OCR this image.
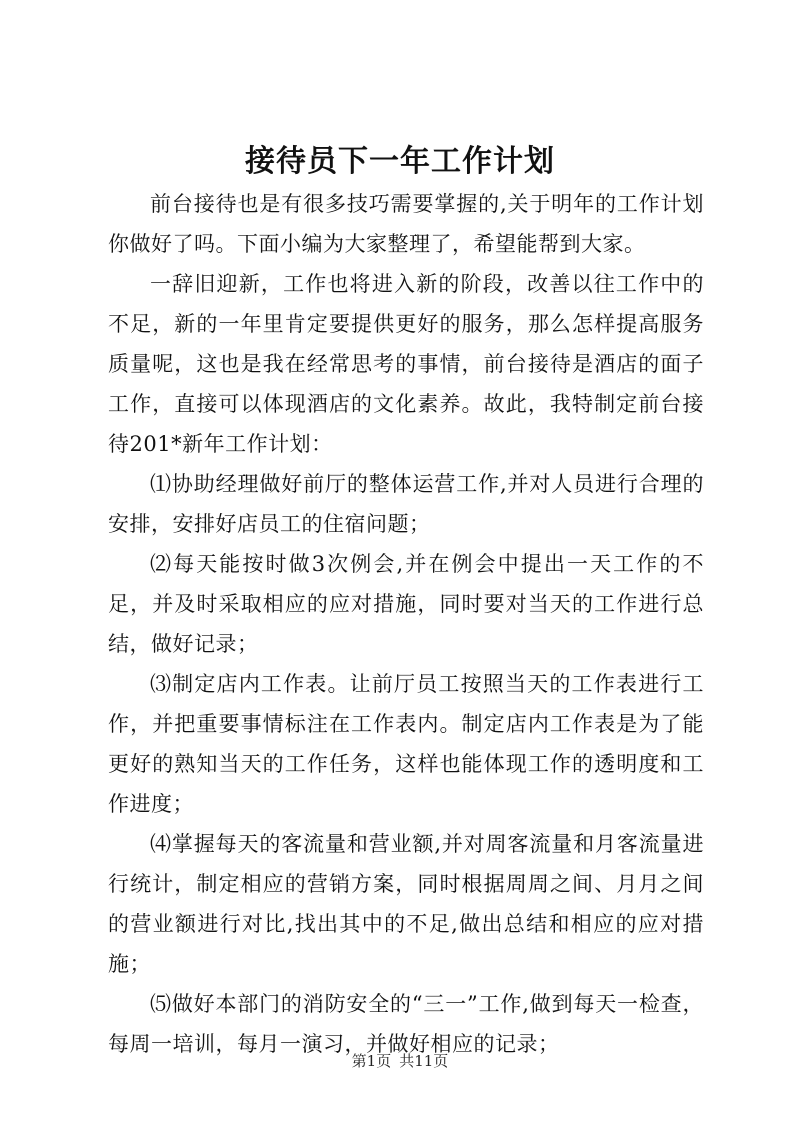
接待员下一年工作计划

前台接待也是有很多技巧需要掌握的,关于明年的工作计划你做好了吗。下面小编为大家整理了，希望能帮到大家。

一辞旧迎新，工作也将进入新的阶段，改善以往工作中的不足，新的一年里肯定要提供更好的服务，那么怎样提高服务质量呢，这也是我在经常思考的事情，前台接待是酒店的面子工作，直接可以体现酒店的文化素养。故此，我特制定前台接待201*新年工作计划：

⑴协助经理做好前厅的整体运营工作,并对人员进行合理的安排，安排好店员工的住宿问题；

⑵每天能按时做3次例会,并在例会中提出一天工作的不足，并及时采取相应的应对措施，同时要对当天的工作进行总结，做好记录；

⑶制定店内工作表。让前厅员工按照当天的工作表进行工作，并把重要事情标注在工作表内。制定店内工作表是为了能更好的熟知当天的工作任务，这样也能体现工作的透明度和工作进度；

⑷掌握每天的客流量和营业额,并对周客流量和月客流量进行统计，制定相应的营销方案，同时根据周周之间、月月之间的营业额进行对比,找出其中的不足,做出总结和相应的应对措施；

⑸做好本部门的消防安全的“三一”工作,做到每天一检查，每周一培训，每月一演习，并做好相应的记录；

第1页 共11页
